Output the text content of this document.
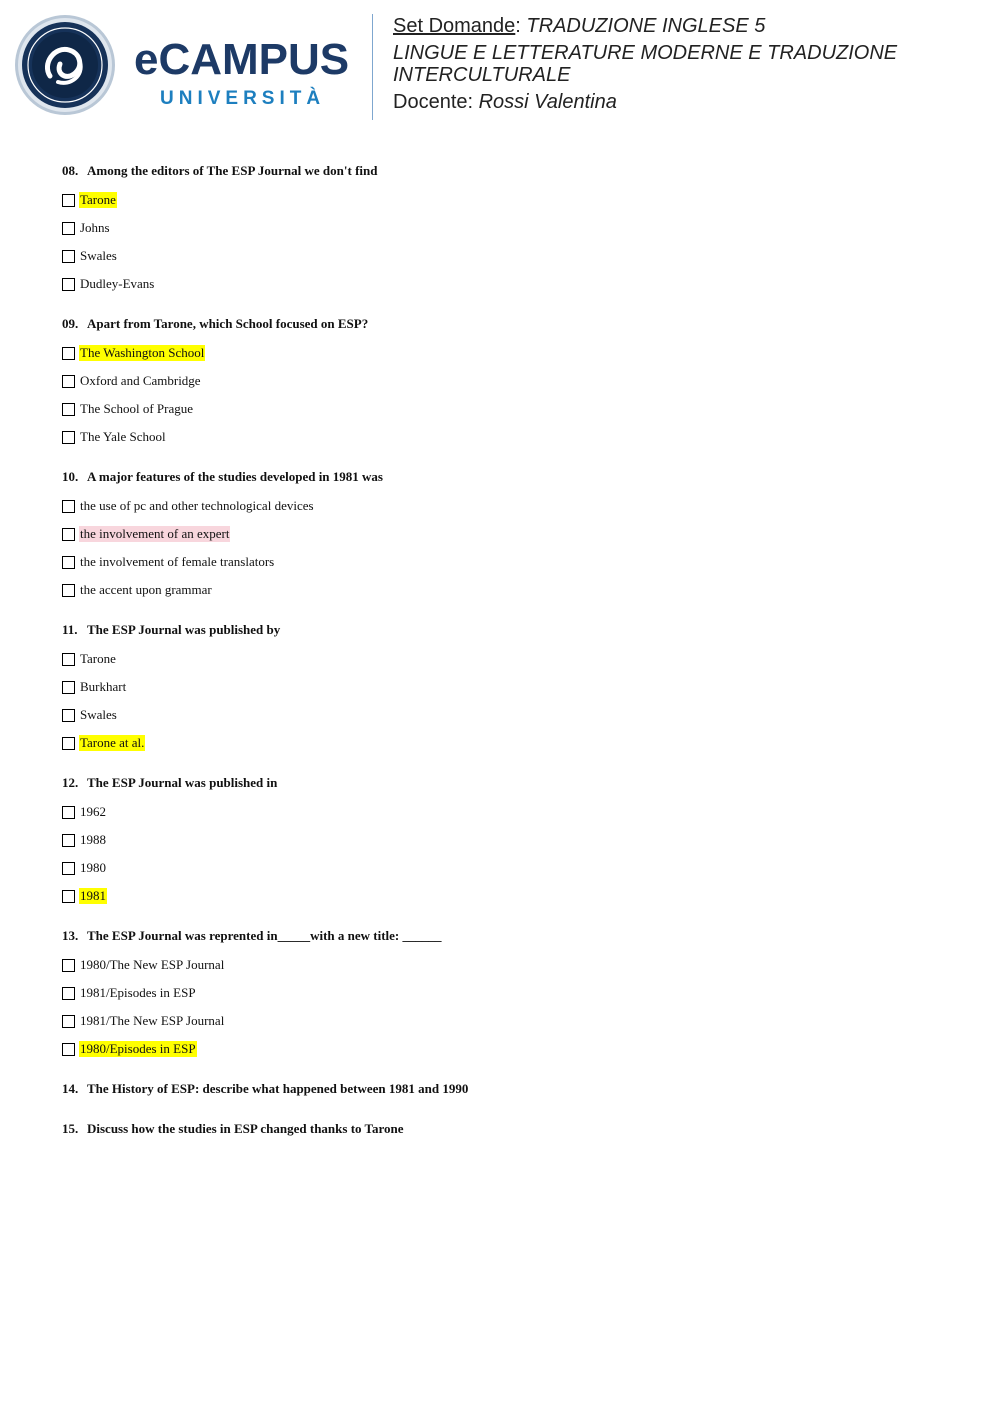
eCAMPUS
UNIVERSITÀ
Set Domande: TRADUZIONE INGLESE 5
LINGUE E LETTERATURE MODERNE E TRADUZIONE INTERCULTURALE
Docente: Rossi Valentina
08. Among the editors of The ESP Journal we don't find
Tarone
Johns
Swales
Dudley-Evans
09. Apart from Tarone, which School focused on ESP?
The Washington School
Oxford and Cambridge
The School of Prague
The Yale School
10. A major features of the studies developed in 1981 was
the use of pc and other technological devices
the involvement of an expert
the involvement of female translators
the accent upon grammar
11. The ESP Journal was published by
Tarone
Burkhart
Swales
Tarone at al.
12. The ESP Journal was published in
1962
1988
1980
1981
13. The ESP Journal was reprented in_____with a new title: ______
1980/The New ESP Journal
1981/Episodes in ESP
1981/The New ESP Journal
1980/Episodes in ESP
14. The History of ESP: describe what happened between 1981 and 1990
15. Discuss how the studies in ESP changed thanks to Tarone
